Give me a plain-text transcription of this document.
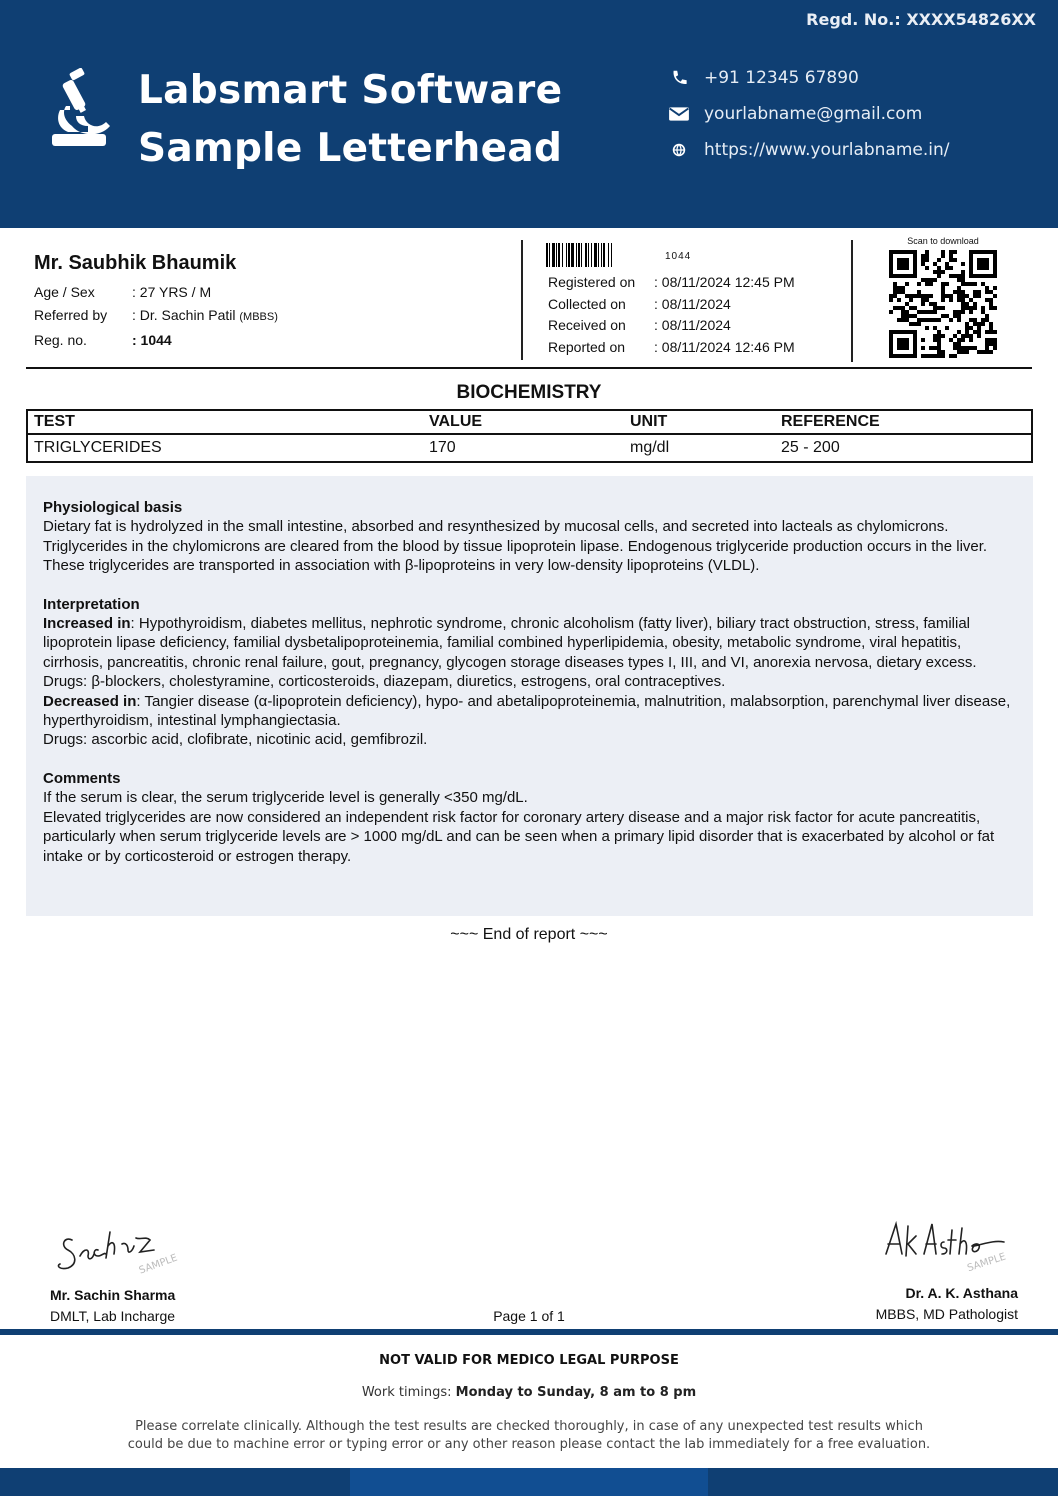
Regd. No.: XXXX54826XX
Labsmart Software
Sample Letterhead
+91 12345 67890
yourlabname@gmail.com
https://www.yourlabname.in/
Mr. Saubhik Bhaumik
Age / Sex	: 27 YRS / M
Referred by	: Dr. Sachin Patil (MBBS)
Reg. no.	: 1044
1044
Registered on	: 08/11/2024 12:45 PM
Collected on	: 08/11/2024
Received on	: 08/11/2024
Reported on	: 08/11/2024 12:46 PM
Scan to download
BIOCHEMISTRY
TEST	VALUE	UNIT	REFERENCE
TRIGLYCERIDES	170	mg/dl	25 - 200
Physiological basis

Dietary fat is hydrolyzed in the small intestine, absorbed and resynthesized by mucosal cells, and secreted into lacteals as chylomicrons.

Triglycerides in the chylomicrons are cleared from the blood by tissue lipoprotein lipase. Endogenous triglyceride production occurs in the liver. These triglycerides are transported in association with β-lipoproteins in very low-density lipoproteins (VLDL).

Interpretation

Increased in: Hypothyroidism, diabetes mellitus, nephrotic syndrome, chronic alcoholism (fatty liver), biliary tract obstruction, stress, familial lipoprotein lipase deficiency, familial dysbetalipoproteinemia, familial combined hyperlipidemia, obesity, metabolic syndrome, viral hepatitis, cirrhosis, pancreatitis, chronic renal failure, gout, pregnancy, glycogen storage diseases types I, III, and VI, anorexia nervosa, dietary excess.

Drugs: β-blockers, cholestyramine, corticosteroids, diazepam, diuretics, estrogens, oral contraceptives.

Decreased in: Tangier disease (α-lipoprotein deficiency), hypo- and abetalipoproteinemia, malnutrition, malabsorption, parenchymal liver disease, hyperthyroidism, intestinal lymphangiectasia.

Drugs: ascorbic acid, clofibrate, nicotinic acid, gemfibrozil.

Comments

If the serum is clear, the serum triglyceride level is generally <350 mg/dL.

Elevated triglycerides are now considered an independent risk factor for coronary artery disease and a major risk factor for acute pancreatitis, particularly when serum triglyceride levels are > 1000 mg/dL and can be seen when a primary lipid disorder that is exacerbated by alcohol or fat intake or by corticosteroid or estrogen therapy.

~~~ End of report ~~~
SAMPLE
Mr. Sachin Sharma
DMLT, Lab Incharge
SAMPLE
Dr. A. K. Asthana
MBBS, MD Pathologist
Page 1 of 1
NOT VALID FOR MEDICO LEGAL PURPOSE
Work timings: Monday to Sunday, 8 am to 8 pm
Please correlate clinically. Although the test results are checked thoroughly, in case of any unexpected test results which
could be due to machine error or typing error or any other reason please contact the lab immediately for a free evaluation.
